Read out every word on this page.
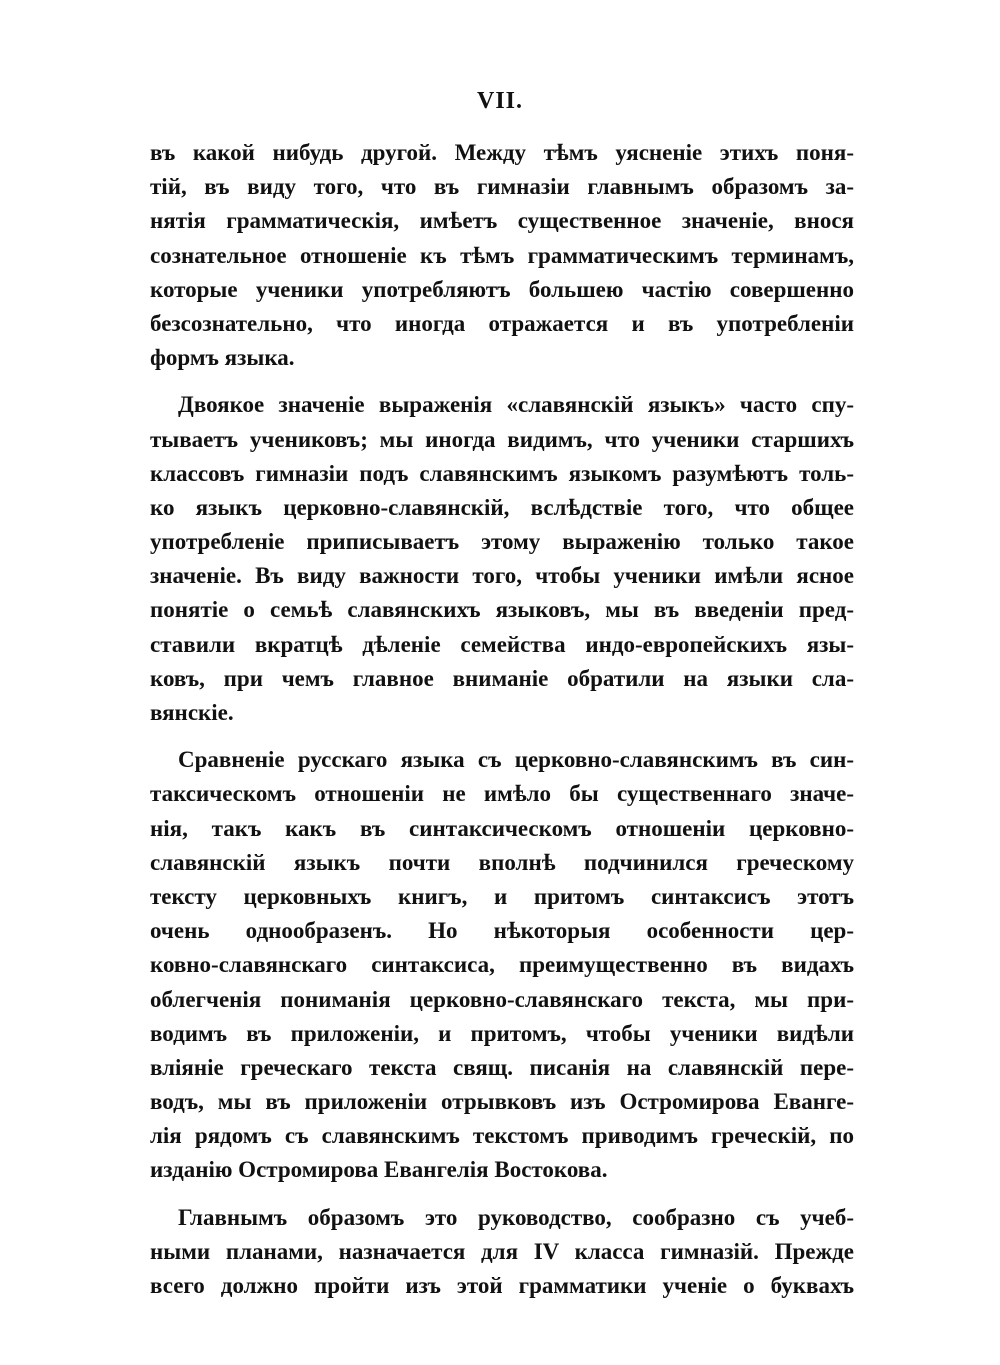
VII.
въ какой нибудь другой. Между тѣмъ уясненіе этихъ поня-
тій, въ виду того, что въ гимназіи главнымъ образомъ за-
нятія грамматическія, имѣетъ существенное значеніе, внося
сознательное отношеніе къ тѣмъ грамматическимъ терминамъ,
которые ученики употребляютъ большею частію совершенно
безсознательно, что иногда отражается и въ употребленіи
формъ языка.
Двоякое значеніе выраженія «славянскій языкъ» часто спу-
тываетъ учениковъ; мы иногда видимъ, что ученики старшихъ
классовъ гимназіи подъ славянскимъ языкомъ разумѣютъ толь-
ко языкъ церковно-славянскій, вслѣдствіе того, что общее
употребленіе приписываетъ этому выраженію только такое
значеніе. Въ виду важности того, чтобы ученики имѣли ясное
понятіе о семьѣ славянскихъ языковъ, мы въ введеніи пред-
ставили вкратцѣ дѣленіе семейства индо-европейскихъ язы-
ковъ, при чемъ главное вниманіе обратили на языки сла-
вянскіе.
Сравненіе русскаго языка съ церковно-славянскимъ въ син-
таксическомъ отношеніи не имѣло бы существеннаго значе-
нія, такъ какъ въ синтаксическомъ отношеніи церковно-
славянскій языкъ почти вполнѣ подчинился греческому
тексту церковныхъ книгъ, и притомъ синтаксисъ этотъ
очень однообразенъ. Но нѣкоторыя особенности цер-
ковно-славянскаго синтаксиса, преимущественно въ видахъ
облегченія пониманія церковно-славянскаго текста, мы при-
водимъ въ приложеніи, и притомъ, чтобы ученики видѣли
вліяніе греческаго текста свящ. писанія на славянскій пере-
водъ, мы въ приложеніи отрывковъ изъ Остромирова Еванге-
лія рядомъ съ славянскимъ текстомъ приводимъ греческій, по
изданію Остромирова Евангелія Востокова.
Главнымъ образомъ это руководство, сообразно съ учеб-
ными планами, назначается для IV класса гимназій. Прежде
всего должно пройти изъ этой грамматики ученіе о буквахъ
